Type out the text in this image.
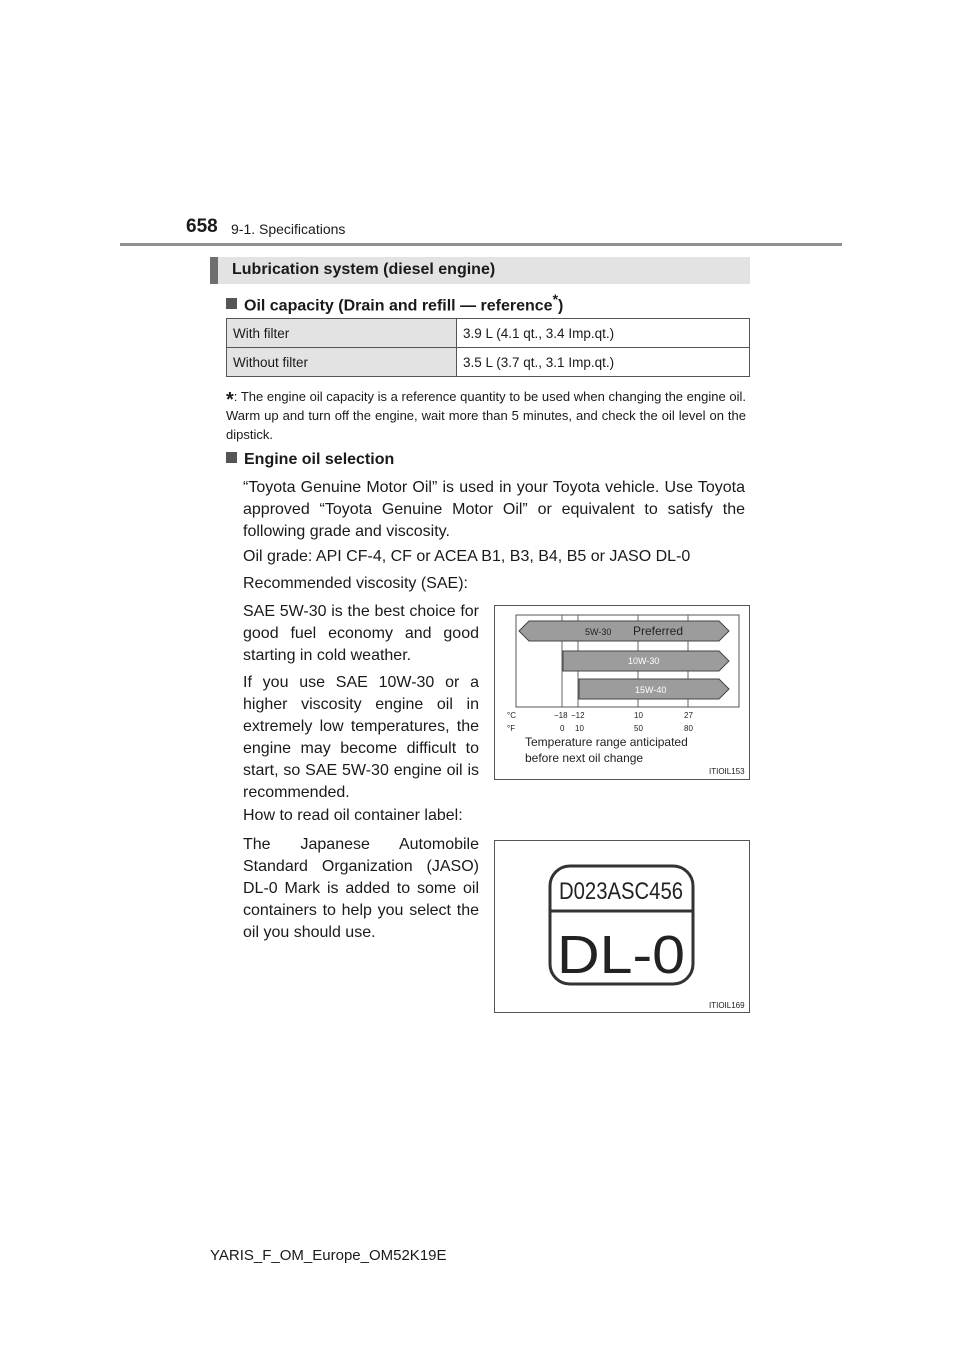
658 9-1. Specifications
Lubrication system (diesel engine)
Oil capacity (Drain and refill — reference*)
With filter	3.9 L (4.1 qt., 3.4 Imp.qt.)
Without filter	3.5 L (3.7 qt., 3.1 Imp.qt.)
*: The engine oil capacity is a reference quantity to be used when changing the engine oil. Warm up and turn off the engine, wait more than 5 minutes, and check the oil level on the dipstick.
Engine oil selection
“Toyota Genuine Motor Oil” is used in your Toyota vehicle. Use Toyota approved “Toyota Genuine Motor Oil” or equivalent to satisfy the following grade and viscosity.
Oil grade: API CF-4, CF or ACEA B1, B3, B4, B5 or JASO DL-0
Recommended viscosity (SAE):
SAE 5W-30 is the best choice for good fuel economy and good starting in cold weather.
If you use SAE 10W-30 or a higher viscosity engine oil in extremely low temperatures, the engine may become difficult to start, so SAE 5W-30 engine oil is recommended.
How to read oil container label:
The Japanese Automobile Standard Organization (JASO) DL-0 Mark is added to some oil containers to help you select the oil you should use.
5W-30 Preferred
10W-30
15W-40
°C
°F
−18 −12	10	27
0 10	50	80
Temperature range anticipated
before next oil change
ITIOIL153
D023ASC456
DL-0
ITIOIL169
YARIS_F_OM_Europe_OM52K19E
